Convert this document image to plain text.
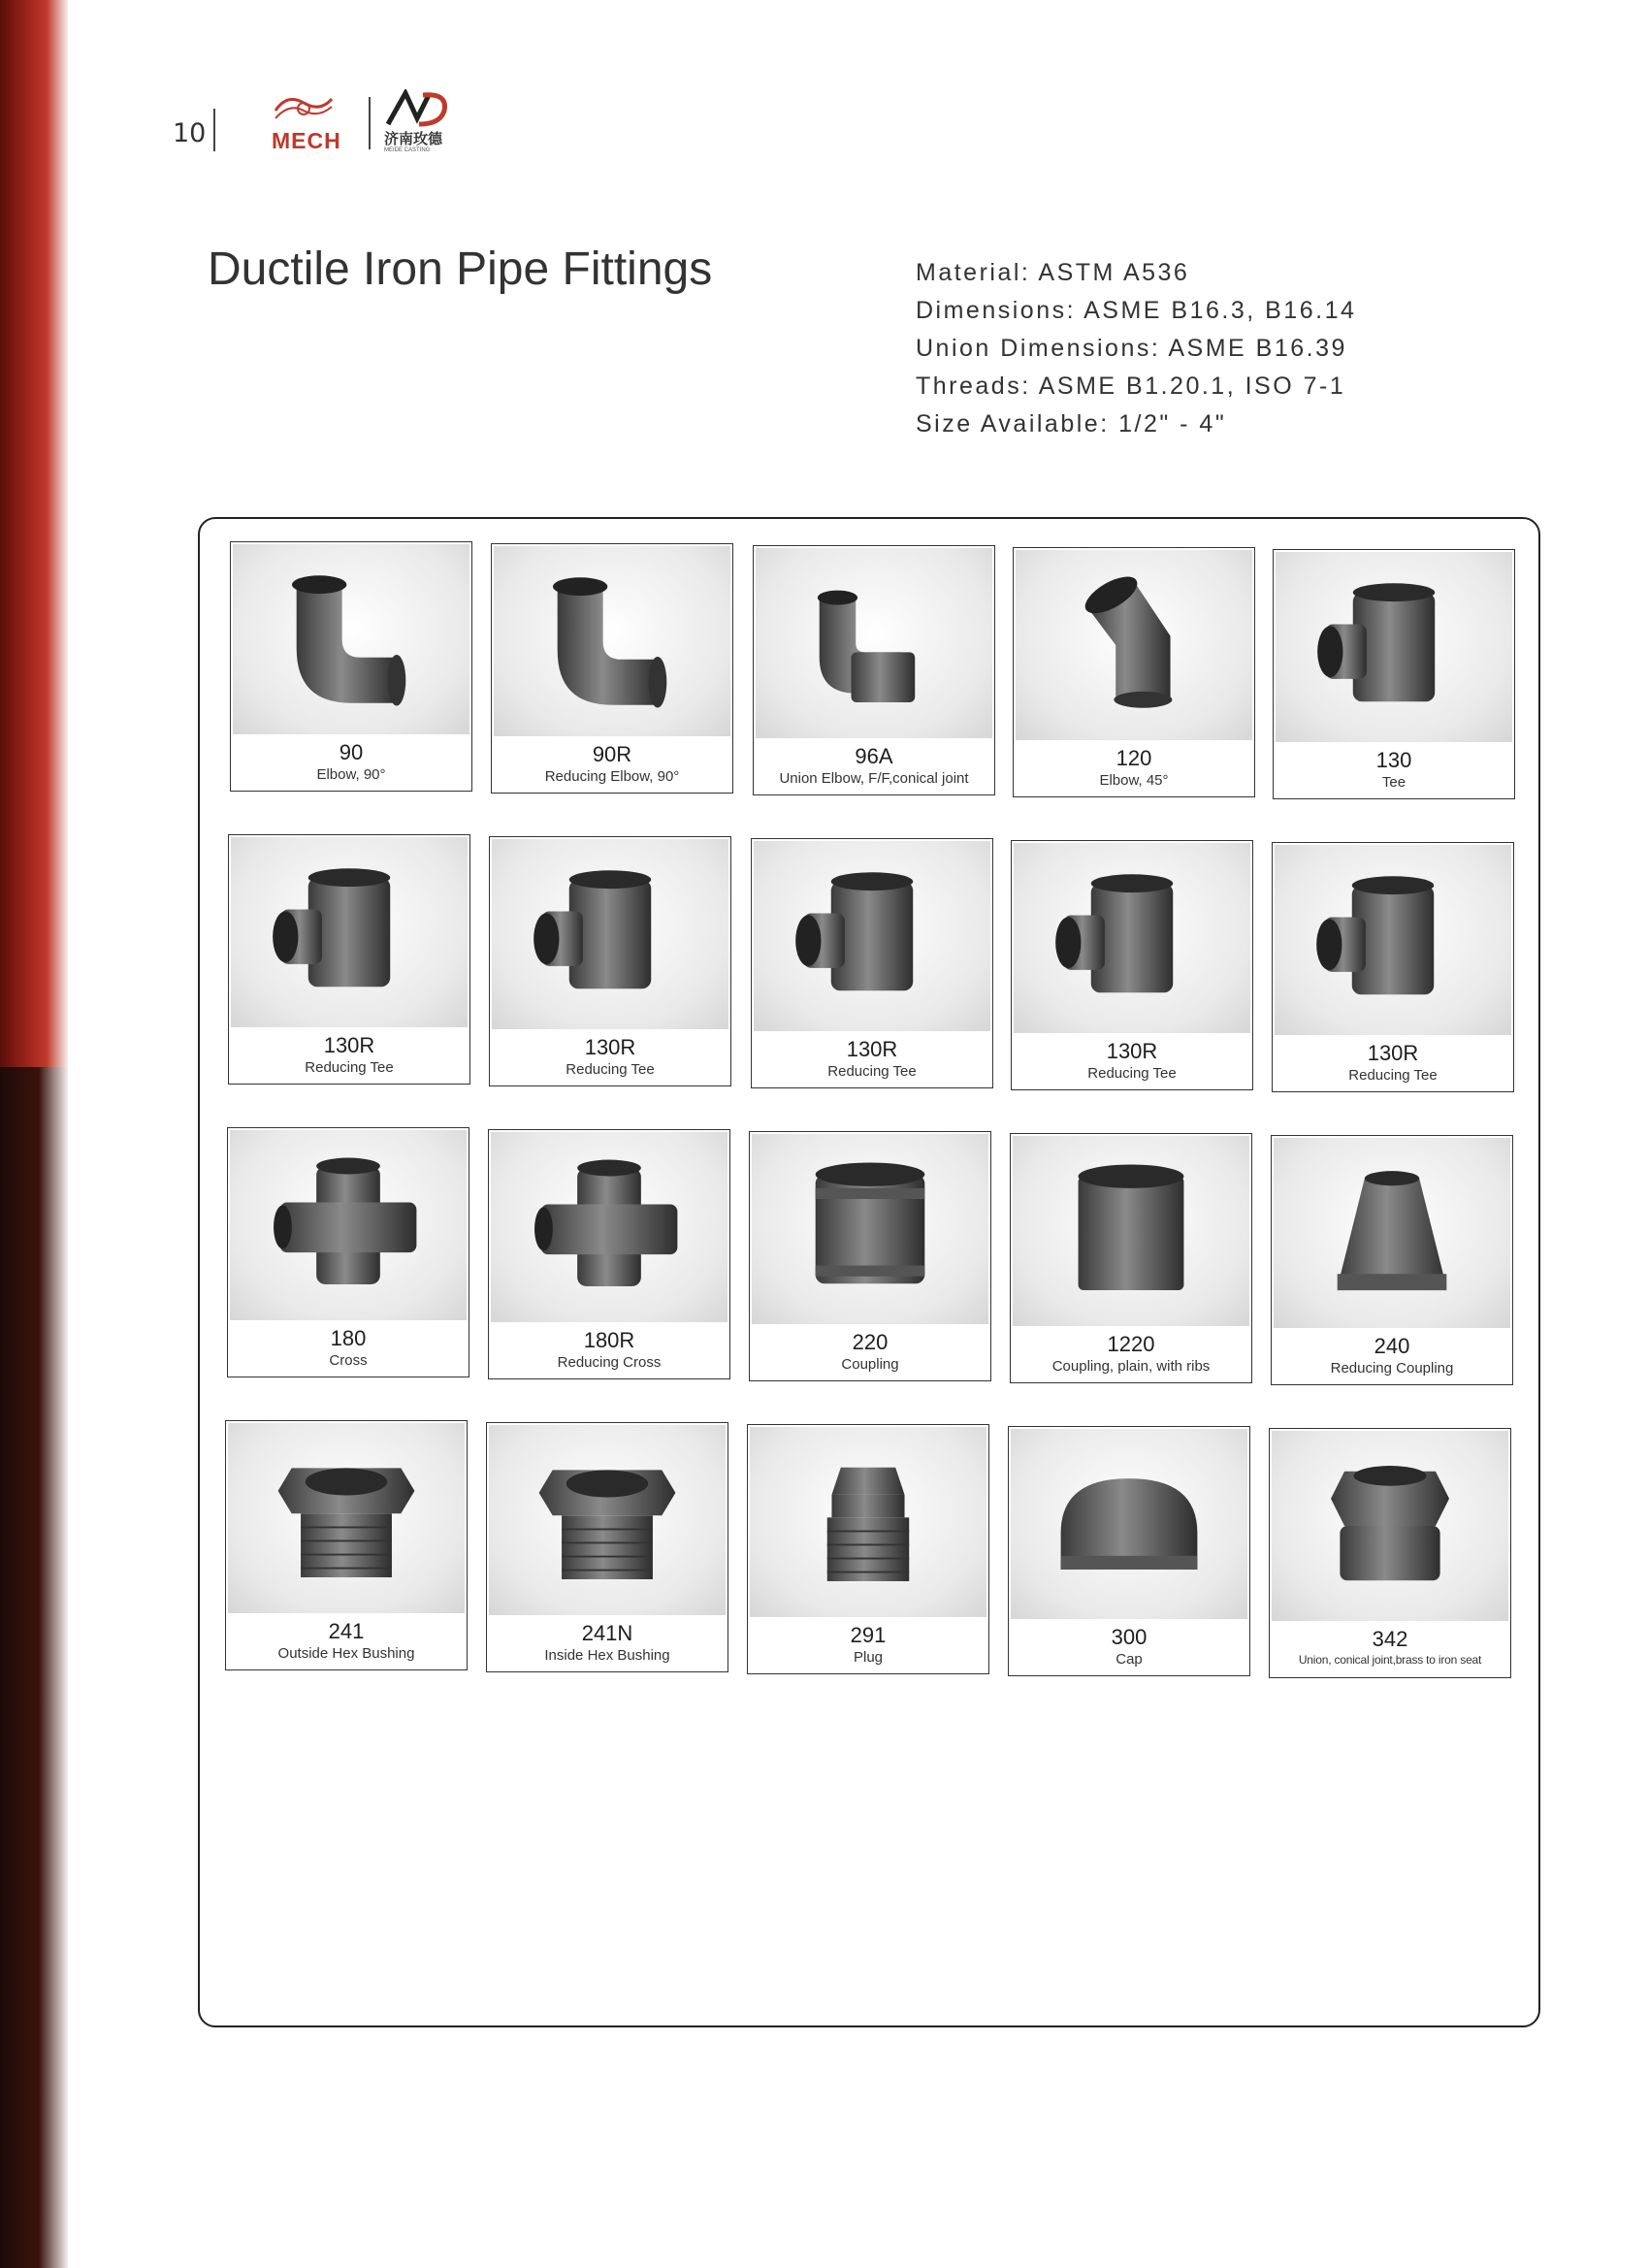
10	MECH	济南玫德
MEIDE CASTING
Ductile Iron Pipe Fittings	Material: ASTM A536
Dimensions: ASME B16.3, B16.14
Union Dimensions: ASME B16.39
Threads: ASME B1.20.1, ISO 7-1
Size Available: 1/2" - 4"
90
Elbow, 90°
90R
Reducing Elbow, 90°
96A
Union Elbow, F/F,conical joint
120
Elbow, 45°
130
Tee
130R
Reducing Tee
130R
Reducing Tee
130R
Reducing Tee
130R
Reducing Tee
130R
Reducing Tee
180
Cross
180R
Reducing Cross
220
Coupling
1220
Coupling, plain, with ribs
240
Reducing Coupling
241
Outside Hex Bushing
241N
Inside Hex Bushing
291
Plug
300
Cap
342
Union, conical joint,brass to iron seat
